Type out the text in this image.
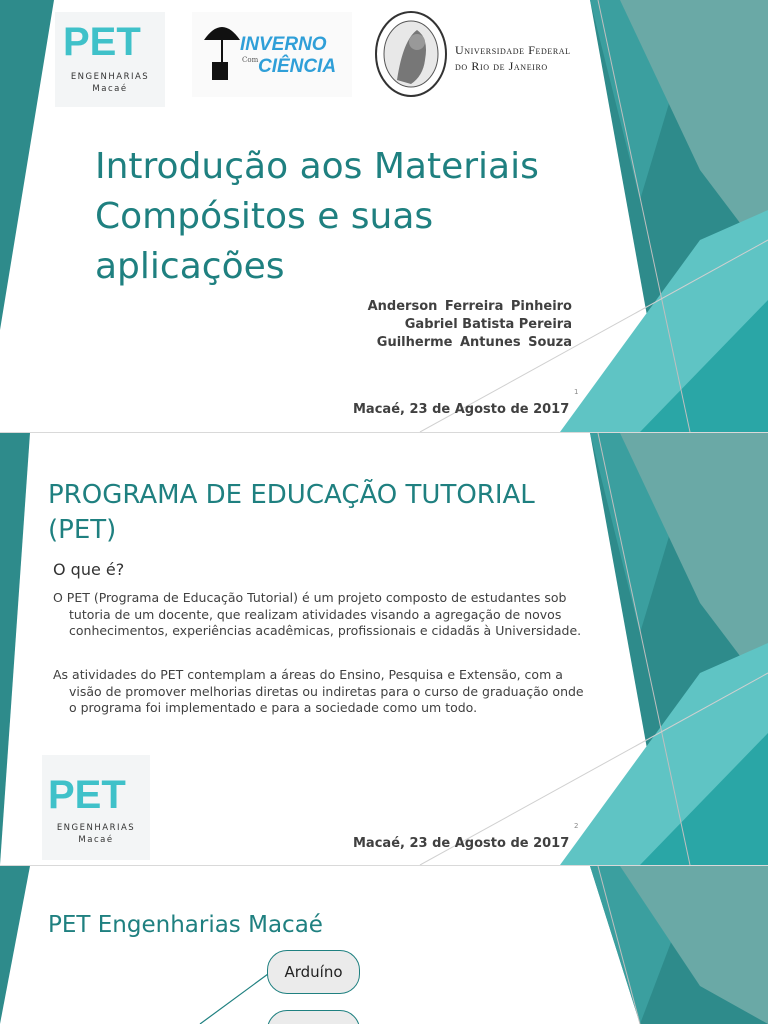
PET
ENGENHARIAS
Macaé
INVERNO
Com CIÊNCIA
Universidade Federal
do Rio de Janeiro
Introdução aos Materiais Compósitos e suas aplicações
Anderson Ferreira Pinheiro
Gabriel Batista Pereira
Guilherme Antunes Souza
1
Macaé, 23 de Agosto de 2017
PROGRAMA DE EDUCAÇÃO TUTORIAL (PET)
O que é?
O PET (Programa de Educação Tutorial) é um projeto composto de estudantes sob tutoria de um docente, que realizam atividades visando a agregação de novos conhecimentos, experiências acadêmicas, profissionais e cidadãs à Universidade.
As atividades do PET contemplam a áreas do Ensino, Pesquisa e Extensão, com a visão de promover melhorias diretas ou indiretas para o curso de graduação onde o programa foi implementado e para a sociedade como um todo.
PET
ENGENHARIAS
Macaé
2
Macaé, 23 de Agosto de 2017
PET Engenharias Macaé
Arduíno
